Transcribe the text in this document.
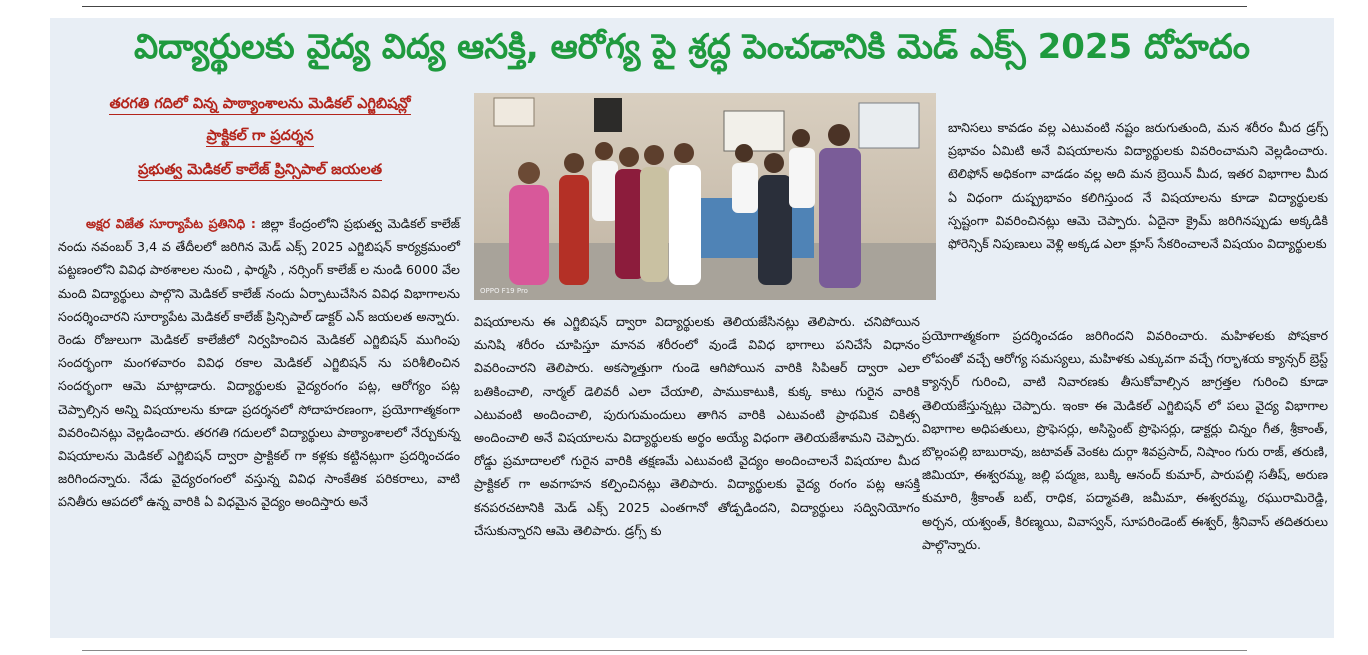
విద్యార్థులకు వైద్య విద్య ఆసక్తి, ఆరోగ్య పై శ్రద్ధ పెంచడానికి మెడ్ ఎక్స్ 2025 దోహదం
తరగతి గదిలో విన్న పాఠ్యాంశాలను మెడికల్ ఎగ్జిబిషన్లో
ప్రాక్టికల్ గా ప్రదర్శన
ప్రభుత్వ మెడికల్ కాలేజ్ ప్రిన్సిపాల్ జయలత

అక్షర విజేత సూర్యాపేట ప్రతినిధి : జిల్లా కేంద్రంలోని ప్రభుత్వ మెడికల్ కాలేజ్ నందు నవంబర్ 3,4 వ తేదీలలో జరిగిన మెడ్ ఎక్స్ 2025 ఎగ్జిబిషన్ కార్యక్రమంలో పట్టణంలోని వివిధ పాఠశాలల నుంచి , ఫార్మసి , నర్సింగ్ కాలేజ్ ల నుండి 6000 వేల మంది విద్యార్థులు పాల్గొని మెడికల్ కాలేజ్ నందు ఏర్పాటుచేసిన వివిధ విభాగాలను సందర్శించారని సూర్యాపేట మెడికల్ కాలేజ్ ప్రిన్సిపాల్ డాక్టర్ ఎన్ జయలత అన్నారు. రెండు రోజులుగా మెడికల్ కాలేజీలో నిర్వహించిన మెడికల్ ఎగ్జిబిషన్ ముగింపు సందర్భంగా మంగళవారం వివిధ రకాల మెడికల్ ఎగ్జిబిషన్ ను పరిశీలించిన సందర్భంగా ఆమె మాట్లాడారు. విద్యార్థులకు వైద్యరంగం పట్ల, ఆరోగ్యం పట్ల చెప్పాల్సిన అన్ని విషయాలను కూడా ప్రదర్శనలో సోదాహరణంగా, ప్రయోగాత్మకంగా వివరించినట్లు వెల్లడించారు. తరగతి గదులలో విద్యార్థులు పాఠ్యాంశాలలో నేర్చుకున్న విషయాలను మెడికల్ ఎగ్జిబిషన్ ద్వారా ప్రాక్టికల్ గా కళ్లకు కట్టినట్లుగా ప్రదర్శించడం జరిగిందన్నారు. నేడు వైద్యరంగంలో వస్తున్న వివిధ సాంకేతిక పరికరాలు, వాటి పనితీరు ఆపదలో ఉన్న వారికి ఏ విధమైన వైద్యం అందిస్తారు అనే

OPPO F19 Pro

విషయాలను ఈ ఎగ్జిబిషన్ ద్వారా విద్యార్థులకు తెలియజేసినట్లు తెలిపారు. చనిపోయిన మనిషి శరీరం చూపిస్తూ మానవ శరీరంలో వుండే వివిధ భాగాలు పనిచేసే విధానం వివరించారని తెలిపారు. అకస్మాత్తుగా గుండె ఆగిపోయిన వారికి సిపిఆర్ ద్వారా ఎలా బతికించాలి, నార్మల్ డెలివరీ ఎలా చేయాలి, పాముకాటుకి, కుక్క కాటు గురైన వారికి ఎటువంటి అందించాలి, పురుగుమందులు తాగిన వారికి ఎటువంటి ప్రాథమిక చికిత్స అందించాలి అనే విషయాలను విద్యార్థులకు అర్థం అయ్యే విధంగా తెలియజేశామని చెప్పారు. రోడ్డు ప్రమాదాలలో గురైన వారికి తక్షణమే ఎటువంటి వైద్యం అందించాలనే విషయాల మీద ప్రాక్టికల్ గా అవగాహన కల్పించినట్లు తెలిపారు. విద్యార్థులకు వైద్య రంగం పట్ల ఆసక్తి కనపరచటానికి మెడ్ ఎక్స్ 2025 ఎంతగానో తోడ్పడిందని, విద్యార్థులు సద్వినియోగం చేసుకున్నారని ఆమె తెలిపారు. డ్రగ్స్ కు

బానిసలు కావడం వల్ల ఎటువంటి నష్టం జరుగుతుంది, మన శరీరం మీద డ్రగ్స్ ప్రభావం ఏమిటి అనే విషయాలను విద్యార్థులకు వివరించామని వెల్లడించారు. టెలిఫోన్ అధికంగా వాడడం వల్ల అది మన బ్రెయిన్ మీద, ఇతర విభాగాల మీద ఏ విధంగా దుష్ప్రభావం కలిగిస్తుంద నే విషయాలను కూడా విద్యార్థులకు స్పష్టంగా వివరించినట్లు ఆమె చెప్పారు. ఏదైనా క్రైమ్ జరిగినప్పుడు అక్కడికి ఫోరెన్సిక్ నిపుణులు వెళ్లి అక్కడ ఎలా క్లూస్ సేకరించాలనే విషయం విద్యార్థులకు

ప్రయోగాత్మకంగా ప్రదర్శించడం జరిగిందని వివరించారు. మహిళలకు పోషకార లోపంతో వచ్చే ఆరోగ్య సమస్యలు, మహిళకు ఎక్కువగా వచ్చే గర్భాశయ క్యాన్సర్ బ్రెస్ట్ క్యాన్సర్ గురించి, వాటి నివారణకు తీసుకోవాల్సిన జాగ్రత్తల గురించి కూడా తెలియజేస్తున్నట్లు చెప్పారు. ఇంకా ఈ మెడికల్ ఎగ్జిబిషన్ లో పలు వైద్య విభాగాల విభాగాల అధిపతులు, ప్రొఫెసర్లు, అసిస్టెంట్ ప్రొఫెసర్లు, డాక్టర్లు చిన్నం గీత, శ్రీకాంత్, బొల్లంపల్లి బాబురావు, జటావత్ వెంకట దుర్గా శివప్రసాద్, నిషాంం గురు రాజ్, తరుణి, జిమియా, ఈశ్వరమ్మ, జల్లి పద్మజ, బుక్కి ఆనంద్ కుమార్, పారుపల్లి సతీష్, అరుణ కుమారి, శ్రీకాంత్ బట్, రాధిక, పద్మావతి, జమీమా, ఈశ్వరమ్మ, రఘురామిరెడ్డి, అర్చన, యశ్వంత్, కిరణ్మయి, వివాస్వన్, సూపరిండెంట్ ఈశ్వర్, శ్రీనివాస్ తదితరులు పాల్గొన్నారు.
